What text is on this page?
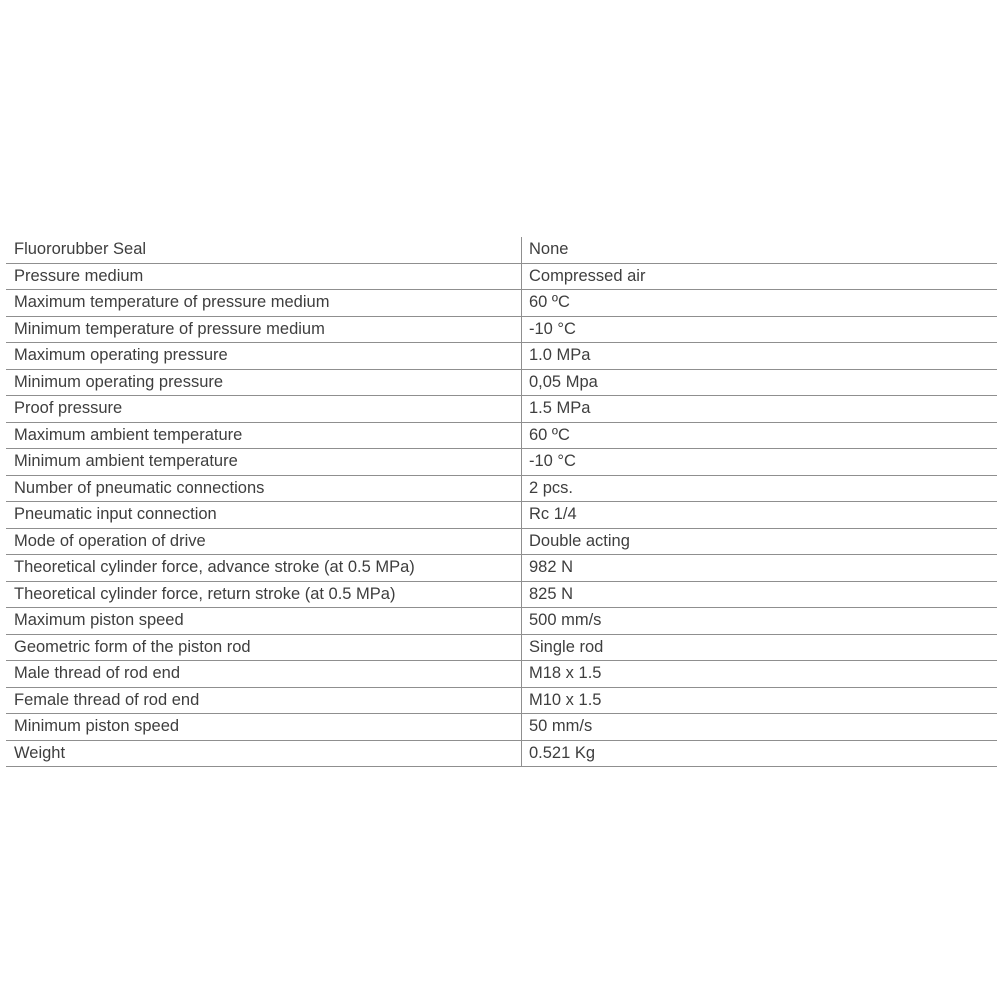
Fluororubber Seal	None
Pressure medium	Compressed air
Maximum temperature of pressure medium	60 ºC
Minimum temperature of pressure medium	-10 °C
Maximum operating pressure	1.0 MPa
Minimum operating pressure	0,05 Mpa
Proof pressure	1.5 MPa
Maximum ambient temperature	60 ºC
Minimum ambient temperature	-10 °C
Number of pneumatic connections	2 pcs.
Pneumatic input connection	Rc 1/4
Mode of operation of drive	Double acting
Theoretical cylinder force, advance stroke (at 0.5 MPa)	982 N
Theoretical cylinder force, return stroke (at 0.5 MPa)	825 N
Maximum piston speed	500 mm/s
Geometric form of the piston rod	Single rod
Male thread of rod end	M18 x 1.5
Female thread of rod end	M10 x 1.5
Minimum piston speed	50 mm/s
Weight	0.521 Kg
